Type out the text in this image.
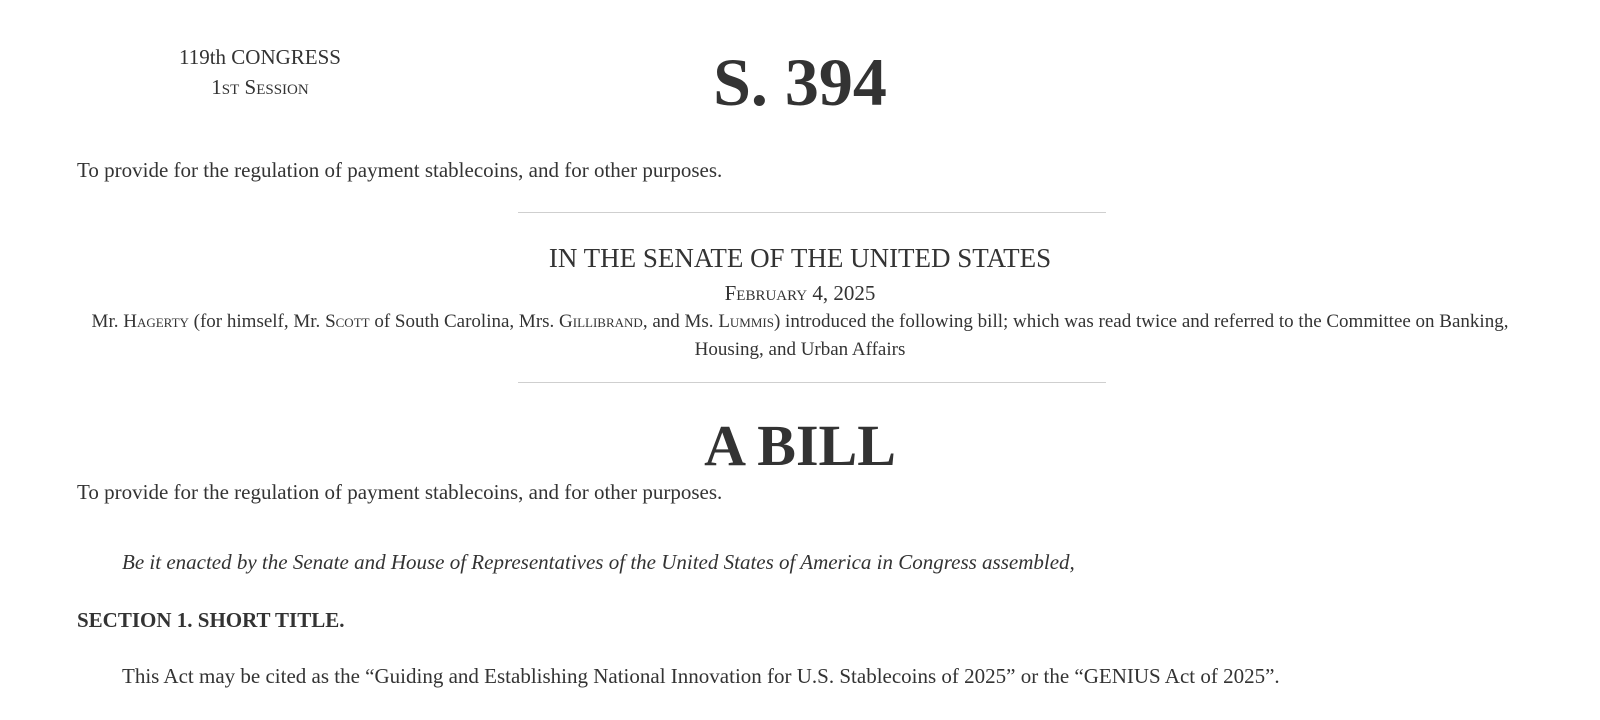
119th CONGRESS
1st Session	S. 394
To provide for the regulation of payment stablecoins, and for other purposes.
IN THE SENATE OF THE UNITED STATES
February 4, 2025
Mr. Hagerty (for himself, Mr. Scott of South Carolina, Mrs. Gillibrand, and Ms. Lummis) introduced the following bill; which was read twice and referred to the Committee on Banking, Housing, and Urban Affairs
A BILL
To provide for the regulation of payment stablecoins, and for other purposes.
Be it enacted by the Senate and House of Representatives of the United States of America in Congress assembled,
SECTION 1. SHORT TITLE.
This Act may be cited as the “Guiding and Establishing National Innovation for U.S. Stablecoins of 2025” or the “GENIUS Act of 2025”.
